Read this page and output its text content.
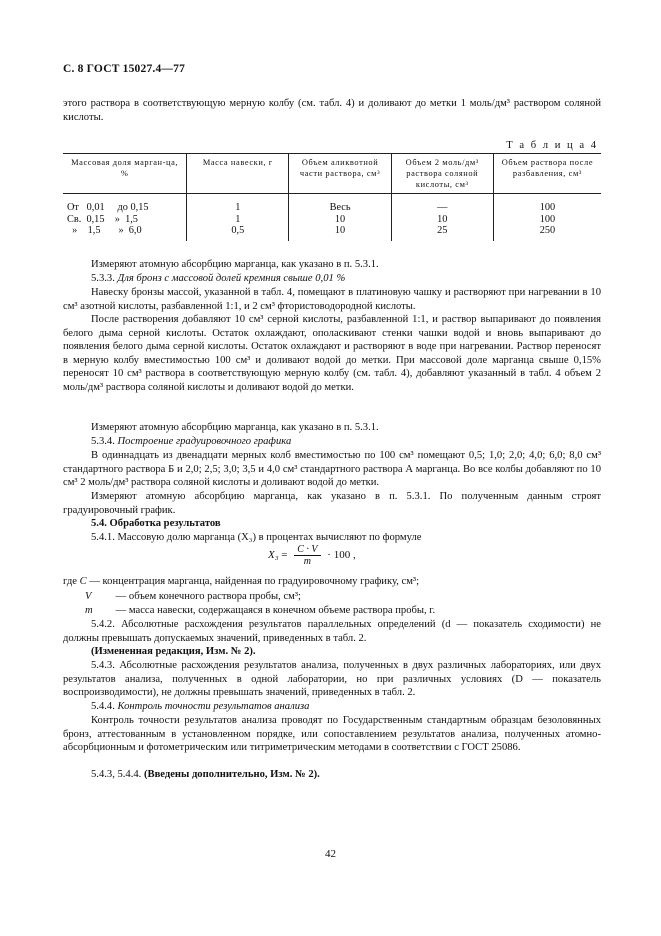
С. 8 ГОСТ 15027.4—77
этого раствора в соответствующую мерную колбу (см. табл. 4) и доливают до метки 1 моль/дм³ раствором соляной кислоты.
Т а б л и ц а 4
Массовая доля марган-ца, %	Масса навески, г	Объем аликвотной части раствора, см³	Объем 2 моль/дм³ раствора соляной кислоты, см³	Объем раствора после разбавления, см³
От   0,01     до 0,15	1	Весь	—	100
Св.  0,15    »  1,5	1	10	10	100
»    1,5       »  6,0	0,5	10	25	250
Измеряют атомную абсорбцию марганца, как указано в п. 5.3.1.
5.3.3. Для бронз с массовой долей кремния свыше 0,01 %
Навеску бронзы массой, указанной в табл. 4, помещают в платиновую чашку и растворяют при нагревании в 10 см³ азотной кислоты, разбавленной 1:1, и 2 см³ фтористоводородной кислоты.
После растворения добавляют 10 см³ серной кислоты, разбавленной 1:1, и раствор выпаривают до появления белого дыма серной кислоты. Остаток охлаждают, ополаскивают стенки чашки водой и вновь выпаривают до появления белого дыма серной кислоты. Остаток охлаждают и растворяют в воде при нагревании. Раствор переносят в мерную колбу вместимостью 100 см³ и доливают водой до метки. При массовой доле марганца свыше 0,15% переносят 10 см³ раствора в соответствующую мерную колбу (см. табл. 4), добавляют указанный в табл. 4 объем 2 моль/дм³ раствора соляной кислоты и доливают водой до метки.
Измеряют атомную абсорбцию марганца, как указано в п. 5.3.1.
5.3.4. Построение градуировочного графика
В одиннадцать из двенадцати мерных колб вместимостью по 100 см³ помещают 0,5; 1,0; 2,0; 4,0; 6,0; 8,0 см³ стандартного раствора Б и 2,0; 2,5; 3,0; 3,5 и 4,0 см³ стандартного раствора А марганца. Во все колбы добавляют по 10 см³ 2 моль/дм³ раствора соляной кислоты и доливают водой до метки.
Измеряют атомную абсорбцию марганца, как указано в п. 5.3.1. По полученным данным строят градуировочный график.
5.4. Обработка результатов
5.4.1. Массовую долю марганца (X₃) в процентах вычисляют по формуле
$X_3 = \frac{C \cdot V}{m} \cdot 100$ ,
где C — концентрация марганца, найденная по градуировочному графику, см³;
V — объем конечного раствора пробы, см³;
m — масса навески, содержащаяся в конечном объеме раствора пробы, г.
5.4.2. Абсолютные расхождения результатов параллельных определений (d — показатель сходимости) не должны превышать допускаемых значений, приведенных в табл. 2.
(Измененная редакция, Изм. № 2).
5.4.3. Абсолютные расхождения результатов анализа, полученных в двух различных лабораториях, или двух результатов анализа, полученных в одной лаборатории, но при различных условиях (D — показатель воспроизводимости), не должны превышать значений, приведенных в табл. 2.
5.4.4. Контроль точности результатов анализа
Контроль точности результатов анализа проводят по Государственным стандартным образцам безоловянных бронз, аттестованным в установленном порядке, или сопоставлением результатов анализа, полученных атомно-абсорбционным и фотометрическим или титриметрическим методами в соответствии с ГОСТ 25086.
5.4.3, 5.4.4. (Введены дополнительно, Изм. № 2).
42
